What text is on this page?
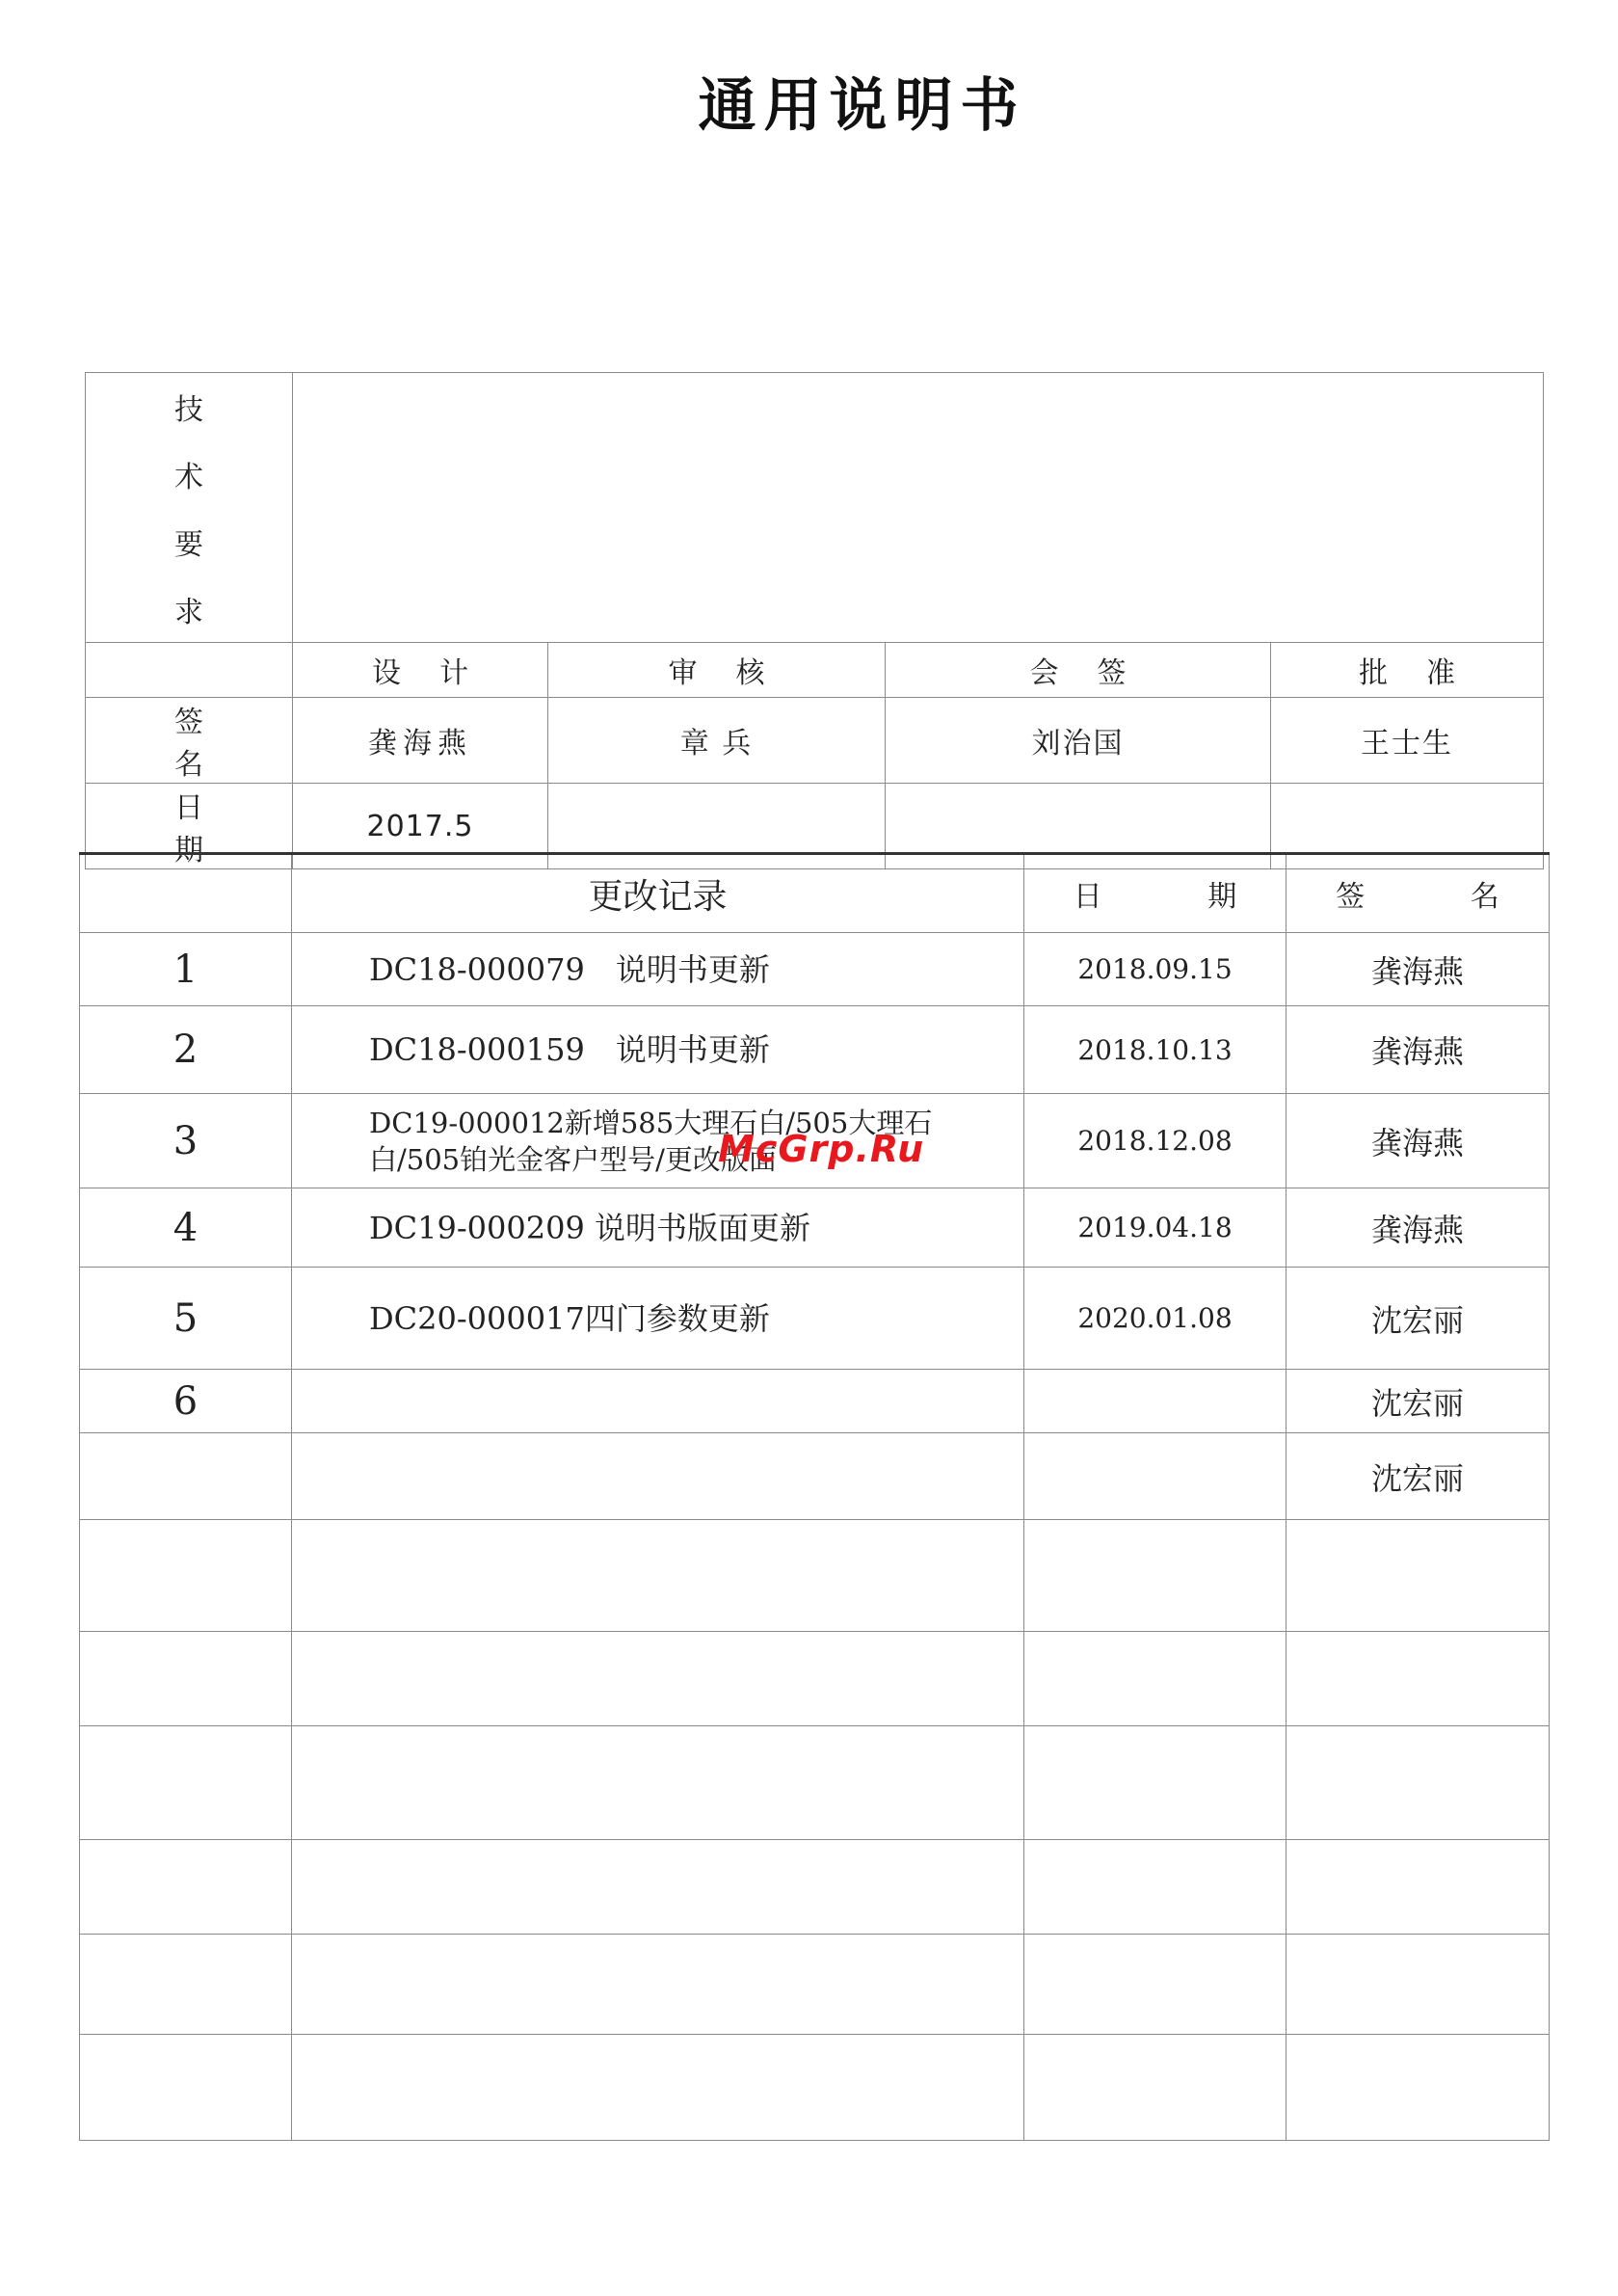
通用说明书
技
术
要
求				

	设计	审核	会签	批准
签 名	龚海燕	章 兵	刘治国	王士生
日 期	2017.5			
	更改记录	日 期	签 名
1	DC18-000079　说明书更新	2018.09.15	龚海燕
2	DC18-000159　说明书更新	2018.10.13	龚海燕
3	DC19-000012新增585大理石白/505大理石白/505铂光金客户型号/更改版面	2018.12.08	龚海燕
4	DC19-000209 说明书版面更新	2019.04.18	龚海燕
5	DC20-000017四门参数更新	2020.01.08	沈宏丽
6			沈宏丽
			沈宏丽

McGrp.Ru
